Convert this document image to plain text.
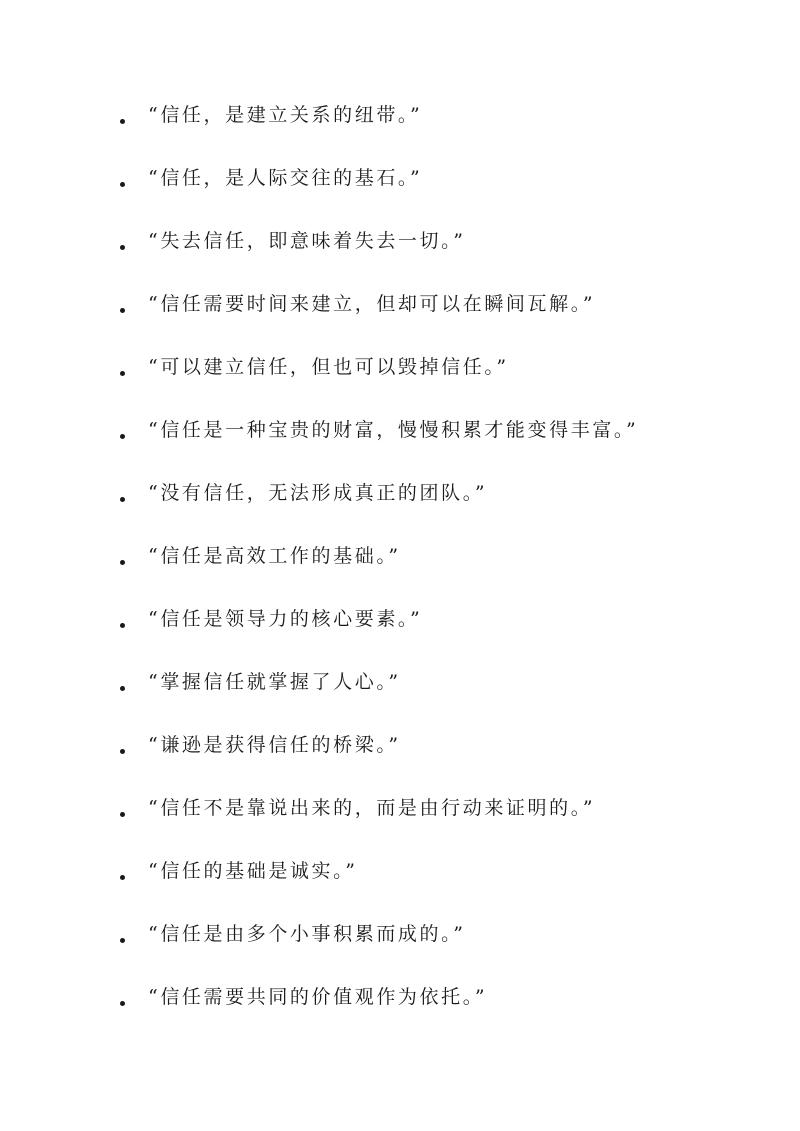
“信任，是建立关系的纽带。”
“信任，是人际交往的基石。”
“失去信任，即意味着失去一切。”
“信任需要时间来建立，但却可以在瞬间瓦解。”
“可以建立信任，但也可以毁掉信任。”
“信任是一种宝贵的财富，慢慢积累才能变得丰富。”
“没有信任，无法形成真正的团队。”
“信任是高效工作的基础。”
“信任是领导力的核心要素。”
“掌握信任就掌握了人心。”
“谦逊是获得信任的桥梁。”
“信任不是靠说出来的，而是由行动来证明的。”
“信任的基础是诚实。”
“信任是由多个小事积累而成的。”
“信任需要共同的价值观作为依托。”
